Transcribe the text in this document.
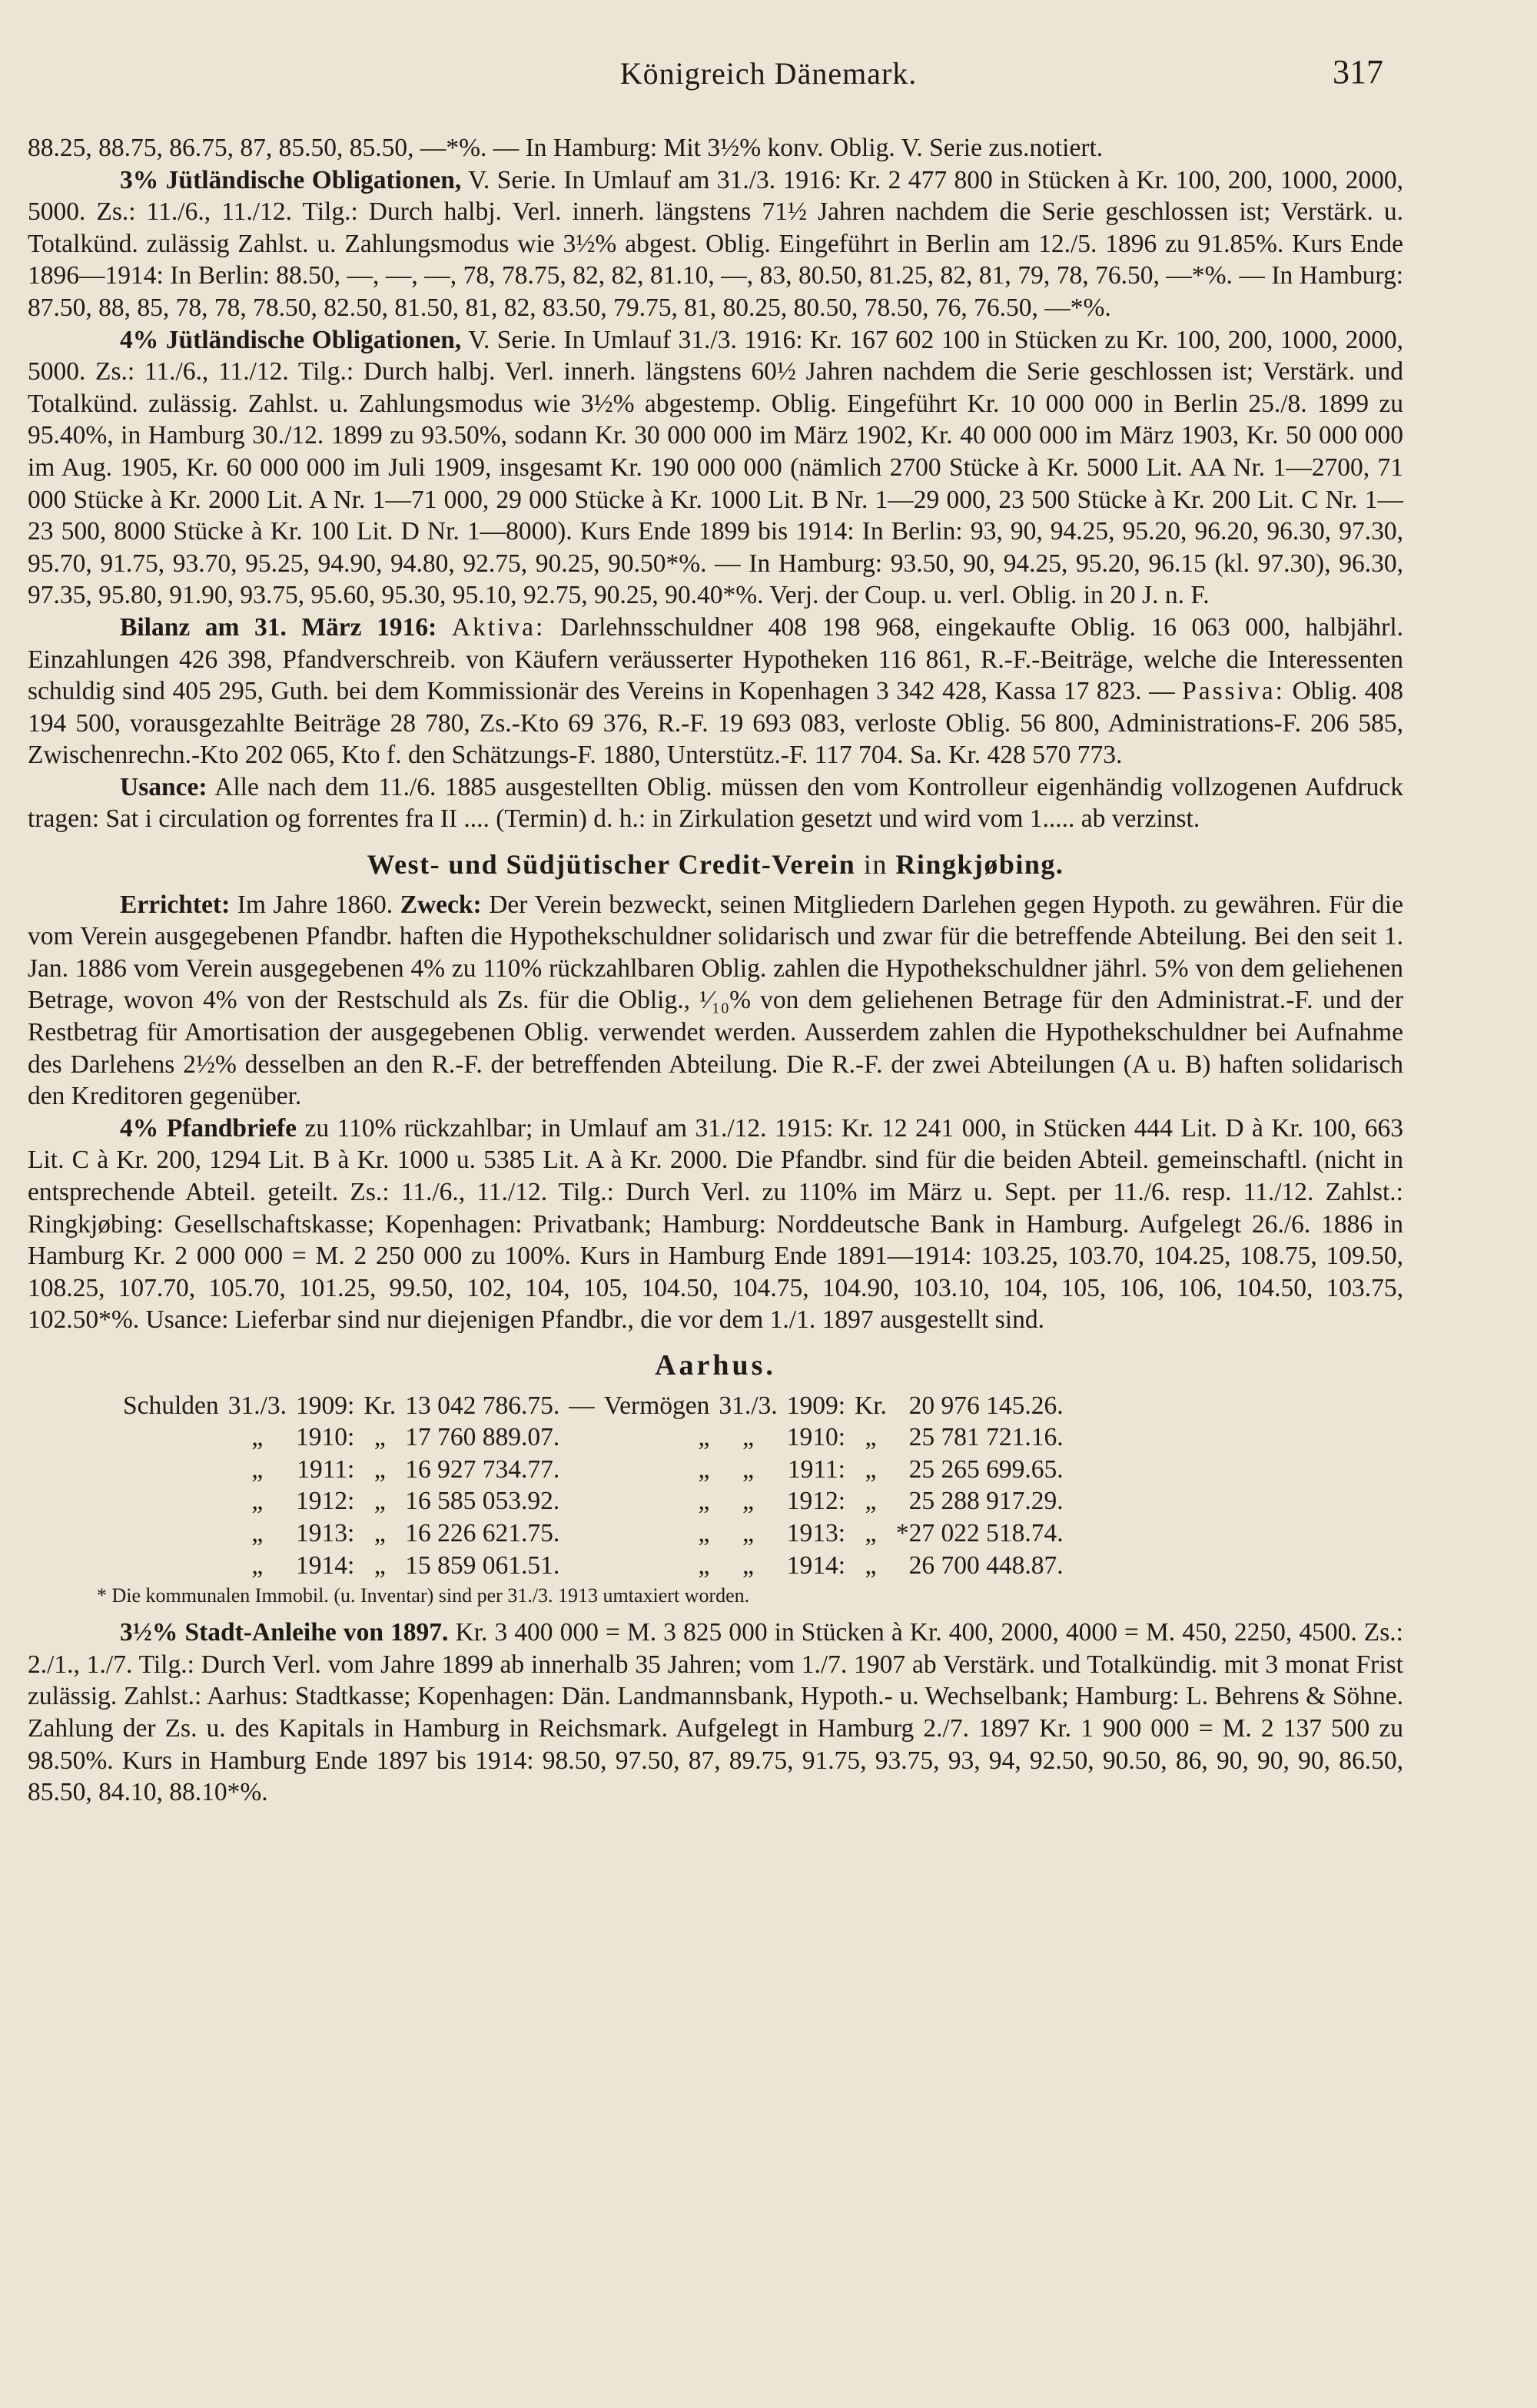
Königreich Dänemark.	317

88.25, 88.75, 86.75, 87, 85.50, 85.50, —*%. — In Hamburg: Mit 3½% konv. Oblig. V. Serie zus.notiert.

3% Jütländische Obligationen, V. Serie. In Umlauf am 31./3. 1916: Kr. 2 477 800 in Stücken à Kr. 100, 200, 1000, 2000, 5000. Zs.: 11./6., 11./12. Tilg.: Durch halbj. Verl. innerh. längstens 71½ Jahren nachdem die Serie geschlossen ist; Verstärk. u. Totalkünd. zulässig Zahlst. u. Zahlungsmodus wie 3½% abgest. Oblig. Eingeführt in Berlin am 12./5. 1896 zu 91.85%. Kurs Ende 1896—1914: In Berlin: 88.50, —, —, —, 78, 78.75, 82, 82, 81.10, —, 83, 80.50, 81.25, 82, 81, 79, 78, 76.50, —*%. — In Hamburg: 87.50, 88, 85, 78, 78, 78.50, 82.50, 81.50, 81, 82, 83.50, 79.75, 81, 80.25, 80.50, 78.50, 76, 76.50, —*%.

4% Jütländische Obligationen, V. Serie. In Umlauf 31./3. 1916: Kr. 167 602 100 in Stücken zu Kr. 100, 200, 1000, 2000, 5000. Zs.: 11./6., 11./12. Tilg.: Durch halbj. Verl. innerh. längstens 60½ Jahren nachdem die Serie geschlossen ist; Verstärk. und Totalkünd. zulässig. Zahlst. u. Zahlungsmodus wie 3½% abgestemp. Oblig. Eingeführt Kr. 10 000 000 in Berlin 25./8. 1899 zu 95.40%, in Hamburg 30./12. 1899 zu 93.50%, sodann Kr. 30 000 000 im März 1902, Kr. 40 000 000 im März 1903, Kr. 50 000 000 im Aug. 1905, Kr. 60 000 000 im Juli 1909, insgesamt Kr. 190 000 000 (nämlich 2700 Stücke à Kr. 5000 Lit. AA Nr. 1—2700, 71 000 Stücke à Kr. 2000 Lit. A Nr. 1—71 000, 29 000 Stücke à Kr. 1000 Lit. B Nr. 1—29 000, 23 500 Stücke à Kr. 200 Lit. C Nr. 1—23 500, 8000 Stücke à Kr. 100 Lit. D Nr. 1—8000). Kurs Ende 1899 bis 1914: In Berlin: 93, 90, 94.25, 95.20, 96.20, 96.30, 97.30, 95.70, 91.75, 93.70, 95.25, 94.90, 94.80, 92.75, 90.25, 90.50*%. — In Hamburg: 93.50, 90, 94.25, 95.20, 96.15 (kl. 97.30), 96.30, 97.35, 95.80, 91.90, 93.75, 95.60, 95.30, 95.10, 92.75, 90.25, 90.40*%. Verj. der Coup. u. verl. Oblig. in 20 J. n. F.

Bilanz am 31. März 1916: Aktiva: Darlehnsschuldner 408 198 968, eingekaufte Oblig. 16 063 000, halbjährl. Einzahlungen 426 398, Pfandverschreib. von Käufern veräusserter Hypotheken 116 861, R.-F.-Beiträge, welche die Interessenten schuldig sind 405 295, Guth. bei dem Kommissionär des Vereins in Kopenhagen 3 342 428, Kassa 17 823. — Passiva: Oblig. 408 194 500, vorausgezahlte Beiträge 28 780, Zs.-Kto 69 376, R.-F. 19 693 083, verloste Oblig. 56 800, Administrations-F. 206 585, Zwischenrechn.-Kto 202 065, Kto f. den Schätzungs-F. 1880, Unterstütz.-F. 117 704. Sa. Kr. 428 570 773.

Usance: Alle nach dem 11./6. 1885 ausgestellten Oblig. müssen den vom Kontrolleur eigenhändig vollzogenen Aufdruck tragen: Sat i circulation og forrentes fra II .... (Termin) d. h.: in Zirkulation gesetzt und wird vom 1..... ab verzinst.

West- und Südjütischer Credit-Verein in Ringkjøbing.

Errichtet: Im Jahre 1860. Zweck: Der Verein bezweckt, seinen Mitgliedern Darlehen gegen Hypoth. zu gewähren. Für die vom Verein ausgegebenen Pfandbr. haften die Hypothekschuldner solidarisch und zwar für die betreffende Abteilung. Bei den seit 1. Jan. 1886 vom Verein ausgegebenen 4% zu 110% rückzahlbaren Oblig. zahlen die Hypothekschuldner jährl. 5% von dem geliehenen Betrage, wovon 4% von der Restschuld als Zs. für die Oblig., ¹⁄₁₀% von dem geliehenen Betrage für den Administrat.-F. und der Restbetrag für Amortisation der ausgegebenen Oblig. verwendet werden. Ausserdem zahlen die Hypothekschuldner bei Aufnahme des Darlehens 2½% desselben an den R.-F. der betreffenden Abteilung. Die R.-F. der zwei Abteilungen (A u. B) haften solidarisch den Kreditoren gegenüber.

4% Pfandbriefe zu 110% rückzahlbar; in Umlauf am 31./12. 1915: Kr. 12 241 000, in Stücken 444 Lit. D à Kr. 100, 663 Lit. C à Kr. 200, 1294 Lit. B à Kr. 1000 u. 5385 Lit. A à Kr. 2000. Die Pfandbr. sind für die beiden Abteil. gemeinschaftl. (nicht in entsprechende Abteil. geteilt. Zs.: 11./6., 11./12. Tilg.: Durch Verl. zu 110% im März u. Sept. per 11./6. resp. 11./12. Zahlst.: Ringkjøbing: Gesellschaftskasse; Kopenhagen: Privatbank; Hamburg: Norddeutsche Bank in Hamburg. Aufgelegt 26./6. 1886 in Hamburg Kr. 2 000 000 = M. 2 250 000 zu 100%. Kurs in Hamburg Ende 1891—1914: 103.25, 103.70, 104.25, 108.75, 109.50, 108.25, 107.70, 105.70, 101.25, 99.50, 102, 104, 105, 104.50, 104.75, 104.90, 103.10, 104, 105, 106, 106, 104.50, 103.75, 102.50*%. Usance: Lieferbar sind nur diejenigen Pfandbr., die vor dem 1./1. 1897 ausgestellt sind.

Aarhus.
Schulden	31./3.	1909:	Kr.	13 042 786.75.	—	Vermögen	31./3.	1909:	Kr.	20 976 145.26.
	„	1910:	„	17 760 889.07.		„	„	1910:	„	25 781 721.16.
	„	1911:	„	16 927 734.77.		„	„	1911:	„	25 265 699.65.
	„	1912:	„	16 585 053.92.		„	„	1912:	„	25 288 917.29.
	„	1913:	„	16 226 621.75.		„	„	1913:	„	*27 022 518.74.
	„	1914:	„	15 859 061.51.		„	„	1914:	„	26 700 448.87.
* Die kommunalen Immobil. (u. Inventar) sind per 31./3. 1913 umtaxiert worden.

3½% Stadt-Anleihe von 1897. Kr. 3 400 000 = M. 3 825 000 in Stücken à Kr. 400, 2000, 4000 = M. 450, 2250, 4500. Zs.: 2./1., 1./7. Tilg.: Durch Verl. vom Jahre 1899 ab innerhalb 35 Jahren; vom 1./7. 1907 ab Verstärk. und Totalkündig. mit 3 monat Frist zulässig. Zahlst.: Aarhus: Stadtkasse; Kopenhagen: Dän. Landmannsbank, Hypoth.- u. Wechselbank; Hamburg: L. Behrens & Söhne. Zahlung der Zs. u. des Kapitals in Hamburg in Reichsmark. Aufgelegt in Hamburg 2./7. 1897 Kr. 1 900 000 = M. 2 137 500 zu 98.50%. Kurs in Hamburg Ende 1897 bis 1914: 98.50, 97.50, 87, 89.75, 91.75, 93.75, 93, 94, 92.50, 90.50, 86, 90, 90, 90, 86.50, 85.50, 84.10, 88.10*%.
